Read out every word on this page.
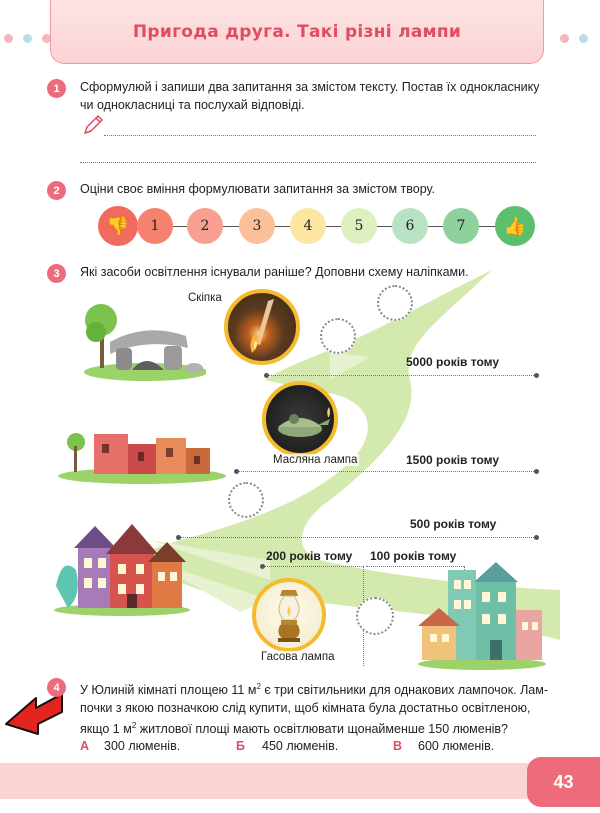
Пригода друга. Такі різні лампи
1	Сформулюй і запиши два запитання за змістом тексту. Постав їх однокласнику
чи однокласниці та послухай відповіді.
2	Оціни своє вміння формулювати запитання за змістом твору.
👎	1	2	3	4	5	6	7	👍
3	Які засоби освітлення існували раніше? Доповни схему наліпками.
Скіпка
5000 років тому
Масляна лампа	1500 років тому
500 років тому
200 років тому 100 років тому
Гасова лампа
4	У Юлиній кімнаті площею 11 $м^2$ є три світильники для однакових лампочок. Лам-
почки з якою позначкою слід купити, щоб кімната була достатньо освітленою,
якщо 1 $м^2$ житлової площі мають освітлювати щонайменше 150 люменів?
А 300 люменів.	Б 450 люменів.	В 600 люменів.
43
